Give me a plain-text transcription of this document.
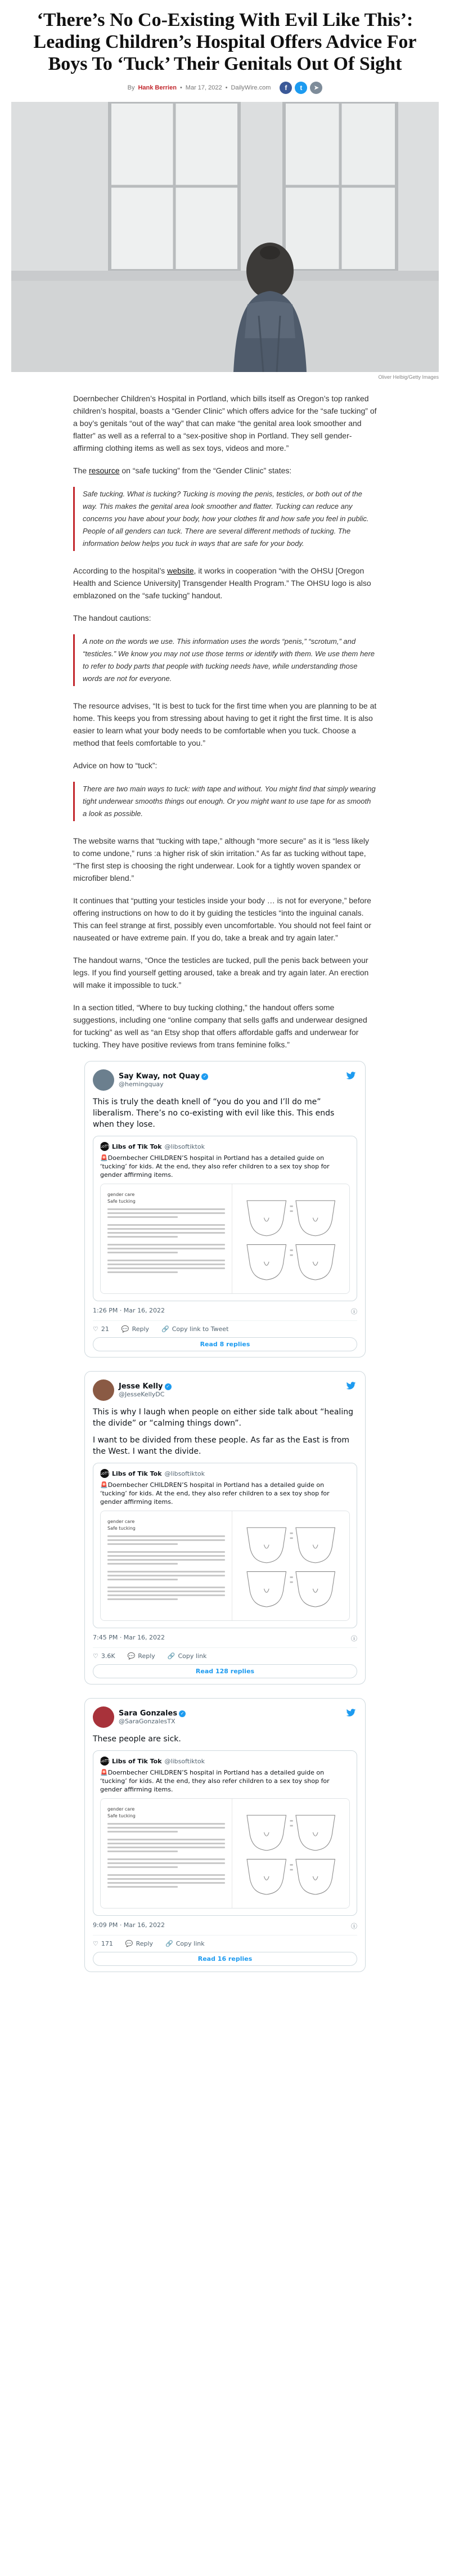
‘There’s No Co-Existing With Evil Like This’: Leading Children’s Hospital Offers Advice For Boys To ‘Tuck’ Their Genitals Out Of Sight
By Hank Berrien • Mar 17, 2022 • DailyWire.com f t ➤
Oliver Helbig/Getty Images

Doernbecher Children’s Hospital in Portland, which bills itself as Oregon’s top ranked children’s hospital, boasts a “Gender Clinic” which offers advice for the “safe tucking” of a boy’s genitals “out of the way” that can make “the genital area look smoother and flatter” as well as a referral to a “sex-positive shop in Portland. They sell gender-affirming clothing items as well as sex toys, videos and more.”

The resource on “safe tucking” from the “Gender Clinic” states:

Safe tucking. What is tucking? Tucking is moving the penis, testicles, or both out of the way. This makes the genital area look smoother and flatter. Tucking can reduce any concerns you have about your body, how your clothes fit and how safe you feel in public. People of all genders can tuck. There are several different methods of tucking. The information below helps you tuck in ways that are safe for your body.

According to the hospital’s website, it works in cooperation “with the OHSU [Oregon Health and Science University] Transgender Health Program.” The OHSU logo is also emblazoned on the “safe tucking” handout.

The handout cautions:

A note on the words we use. This information uses the words “penis,” “scrotum,” and “testicles.” We know you may not use those terms or identify with them. We use them here to refer to body parts that people with tucking needs have, while understanding those words are not for everyone.

The resource advises, “It is best to tuck for the first time when you are planning to be at home. This keeps you from stressing about having to get it right the first time. It is also easier to learn what your body needs to be comfortable when you tuck. Choose a method that feels comfortable to you.”

Advice on how to “tuck”:

There are two main ways to tuck: with tape and without. You might find that simply wearing tight underwear smooths things out enough. Or you might want to use tape for as smooth a look as possible.

The website warns that “tucking with tape,” although “more secure” as it is “less likely to come undone,” runs :a higher risk of skin irritation.” As far as tucking without tape, “The first step is choosing the right underwear. Look for a tightly woven spandex or microfiber blend.”

It continues that “putting your testicles inside your body … is not for everyone,” before offering instructions on how to do it by guiding the testicles “into the inguinal canals. This can feel strange at first, possibly even uncomfortable. You should not feel faint or nauseated or have extreme pain. If you do, take a break and try again later.”

The handout warns, “Once the testicles are tucked, pull the penis back between your legs. If you find yourself getting aroused, take a break and try again later. An erection will make it impossible to tuck.”

In a section titled, “Where to buy tucking clothing,” the handout offers some suggestions, including one “online company that sells gaffs and underwear designed for tucking” as well as “an Etsy shop that offers affordable gaffs and underwear for tucking. They have positive reviews from trans feminine folks.”

Say Kway, not Quay ✓
@hemingquay
This is truly the death knell of “you do you and I’ll do me” liberalism. There’s no co-existing with evil like this. This ends when they lose.
LoTT Libs of Tik Tok @libsoftiktok
🚨Doernbecher CHILDREN’S hospital in Portland has a detailed guide on ‘tucking’ for kids. At the end, they also refer children to a sex toy shop for gender affirming items.
gender care
Safe tucking
1:26 PM · Mar 16, 2022	ⓘ
♡ 21 💬 Reply 🔗 Copy link to Tweet
Read 8 replies
Jesse Kelly ✓
@JesseKellyDC
This is why I laugh when people on either side talk about “healing the divide” or “calming things down”.
I want to be divided from these people. As far as the East is from the West. I want the divide.
LoTT Libs of Tik Tok @libsoftiktok
🚨Doernbecher CHILDREN’S hospital in Portland has a detailed guide on ‘tucking’ for kids. At the end, they also refer children to a sex toy shop for gender affirming items.
gender care
Safe tucking
7:45 PM · Mar 16, 2022	ⓘ
♡ 3.6K 💬 Reply 🔗 Copy link
Read 128 replies
Sara Gonzales ✓
@SaraGonzalesTX
These people are sick.
LoTT Libs of Tik Tok @libsoftiktok
🚨Doernbecher CHILDREN’S hospital in Portland has a detailed guide on ‘tucking’ for kids. At the end, they also refer children to a sex toy shop for gender affirming items.
gender care
Safe tucking
9:09 PM · Mar 16, 2022	ⓘ
♡ 171 💬 Reply 🔗 Copy link
Read 16 replies
